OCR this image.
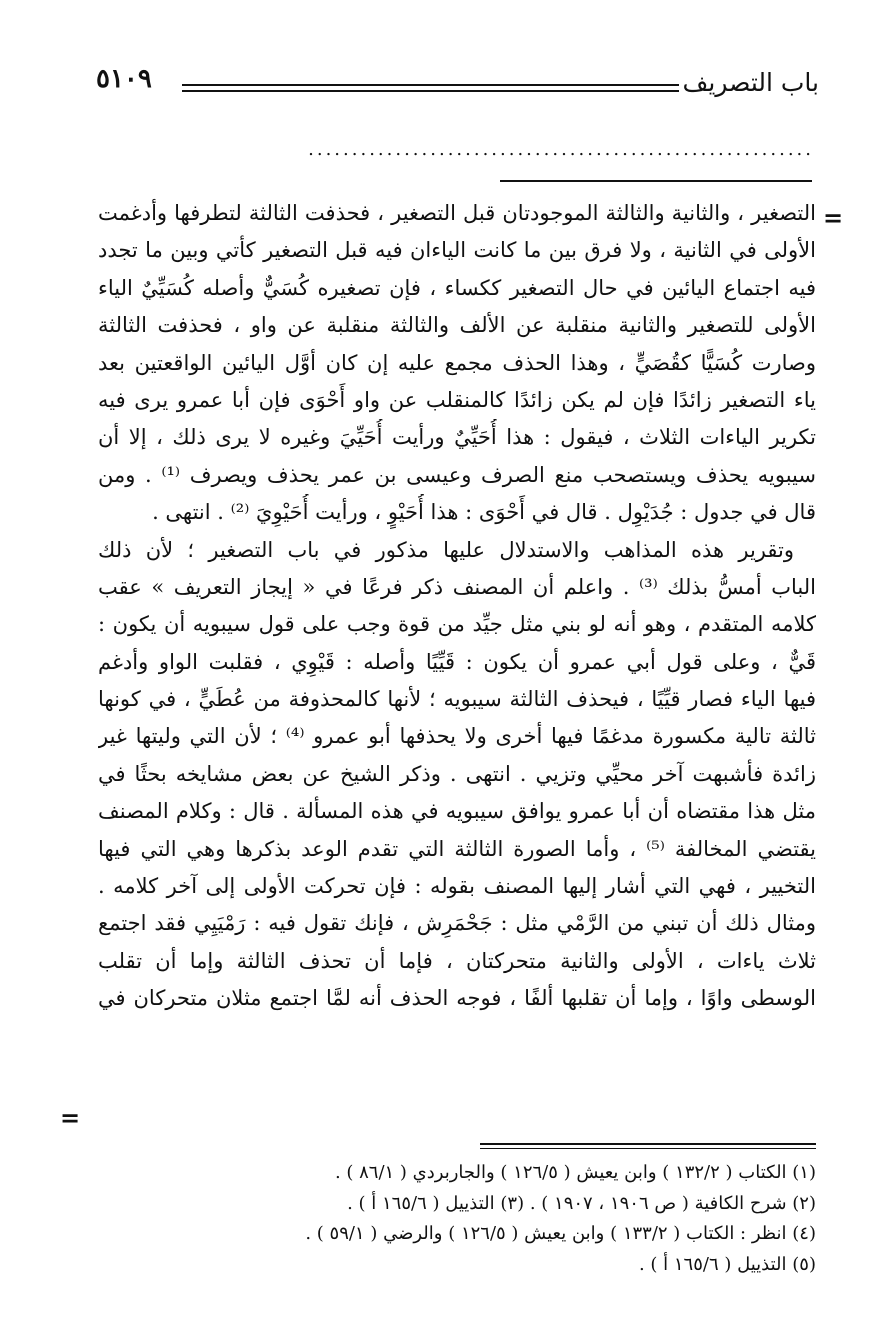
باب التصريف
٥١٠٩
..........................................................
=
التصغير ، والثانية والثالثة الموجودتان قبل التصغير ، فحذفت الثالثة لتطرفها وأدغمت
الأولى في الثانية ، ولا فرق بين ما كانت الياءان فيه قبل التصغير كأتي وبين ما تجدد
فيه اجتماع اليائين في حال التصغير ككساء ، فإن تصغيره كُسَيٌّ وأصله كُسَيِّيٌ الياء
الأولى للتصغير والثانية منقلبة عن الألف والثالثة منقلبة عن واو ، فحذفت الثالثة
وصارت كُسَيًّا كقُصَيٍّ ، وهذا الحذف مجمع عليه إن كان أوَّل اليائين الواقعتين بعد
ياء التصغير زائدًا فإن لم يكن زائدًا كالمنقلب عن واو أَحْوَى فإن أبا عمرو يرى فيه
تكرير الياءات الثلاث ، فيقول : هذا أُحَيِّيٌ ورأيت أُحَيِّيَ وغيره لا يرى ذلك ، إلا أن
سيبويه يحذف ويستصحب منع الصرف وعيسى بن عمر يحذف ويصرف ⁽¹⁾ . ومن
قال في جدول : جُدَيْوِل . قال في أَحْوَى : هذا أُحَيْوٍ ، ورأيت أُحَيْوِيَ ⁽²⁾ . انتهى .
وتقرير هذه المذاهب والاستدلال عليها مذكور في باب التصغير ؛ لأن ذلك
الباب أمسُّ بذلك ⁽³⁾ . واعلم أن المصنف ذكر فرعًا في « إيجاز التعريف » عقب
كلامه المتقدم ، وهو أنه لو بني مثل جيِّد من قوة وجب على قول سيبويه أن يكون :
قَيٌّ ، وعلى قول أبي عمرو أن يكون : قَيِّيًا وأصله : قَيْوِي ، فقلبت الواو وأدغم
فيها الياء فصار قيِّيًا ، فيحذف الثالثة سيبويه ؛ لأنها كالمحذوفة من عُطَيٍّ ، في كونها
ثالثة تالية مكسورة مدغمًا فيها أخرى ولا يحذفها أبو عمرو ⁽⁴⁾ ؛ لأن التي وليتها غير
زائدة فأشبهت آخر محيِّي وتزيي . انتهى . وذكر الشيخ عن بعض مشايخه بحثًا في
مثل هذا مقتضاه أن أبا عمرو يوافق سيبويه في هذه المسألة . قال : وكلام المصنف
يقتضي المخالفة ⁽⁵⁾ ، وأما الصورة الثالثة التي تقدم الوعد بذكرها وهي التي فيها
التخيير ، فهي التي أشار إليها المصنف بقوله : فإن تحركت الأولى إلى آخر كلامه .
ومثال ذلك أن تبني من الرَّمْي مثل : جَحْمَرِش ، فإنك تقول فيه : رَمْيَيِي فقد اجتمع
ثلاث ياءات ، الأولى والثانية متحركتان ، فإما أن تحذف الثالثة وإما أن تقلب
الوسطى واوًا ، وإما أن تقلبها ألفًا ، فوجه الحذف أنه لمَّا اجتمع مثلان متحركان في
=
(١) الكتاب ( ١٣٢/٢ ) وابن يعيش ( ١٢٦/٥ ) والجاربردي ( ٨٦/١ ) .
(٢) شرح الكافية ( ص ١٩٠٦ ، ١٩٠٧ ) . (٣) التذييل ( ١٦٥/٦ أ ) .
(٤) انظر : الكتاب ( ١٣٣/٢ ) وابن يعيش ( ١٢٦/٥ ) والرضي ( ٥٩/١ ) .
(٥) التذييل ( ١٦٥/٦ أ ) .
